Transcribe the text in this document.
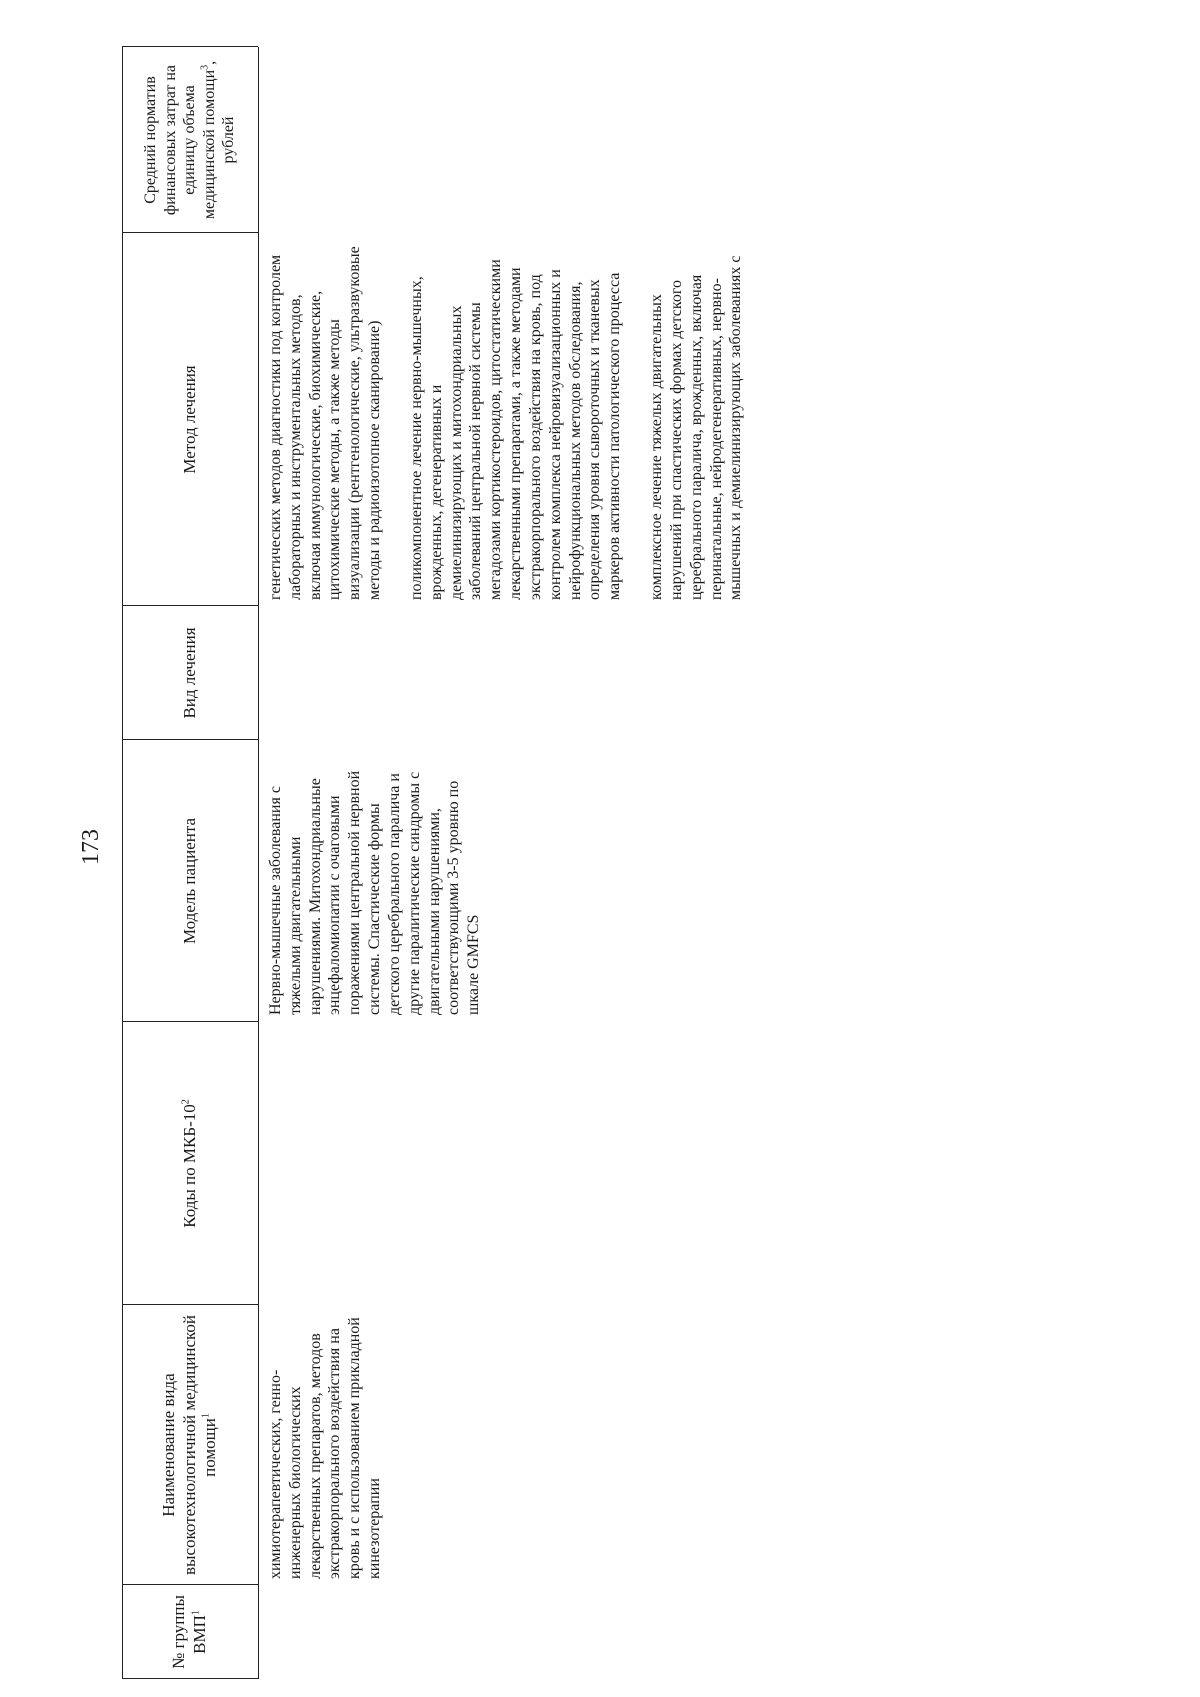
173
№ группы ВМП$^1$
Наименование вида высокотехнологичной медицинской помощи$^1$
Коды по МКБ-$10^2$
Модель пациента
Вид лечения
Метод лечения
Средний норматив финансовых затрат на единицу объема медицинской помощи$^3$, рублей
химиотерапевтических, генно-инженерных биологических лекарственных препаратов, методов экстракорпорального воздействия на кровь и с использованием прикладной кинезотерапии
Нервно-мышечные заболевания с тяжелыми двигательными нарушениями. Митохондриальные энцефаломиопатии с очаговыми поражениями центральной нервной системы. Спастические формы детского церебрального паралича и другие паралитические синдромы с двигательными нарушениями, соответствующими 3-5 уровню по шкале GMFCS

генетических методов диагностики под контролем лабораторных и инструментальных методов, включая иммунологические, биохимические, цитохимические методы, а также методы визуализации (рентгенологические, ультразвуковые методы и радиоизотопное сканирование) поликомпонентное лечение нервно-мышечных, врожденных, дегенеративных и демиелинизирующих и митохондриальных заболеваний центральной нервной системы мегадозами кортикостероидов, цитостатическими лекарственными препаратами, а также методами экстракорпорального воздействия на кровь, под контролем комплекса нейровизуализационных и нейрофункциональных методов обследования, определения уровня сывороточных и тканевых маркеров активности патологического процесса комплексное лечение тяжелых двигательных нарушений при спастических формах детского церебрального паралича, врожденных, включая перинатальные, нейродегенеративных, нервно-мышечных и демиелинизирующих заболеваниях с
